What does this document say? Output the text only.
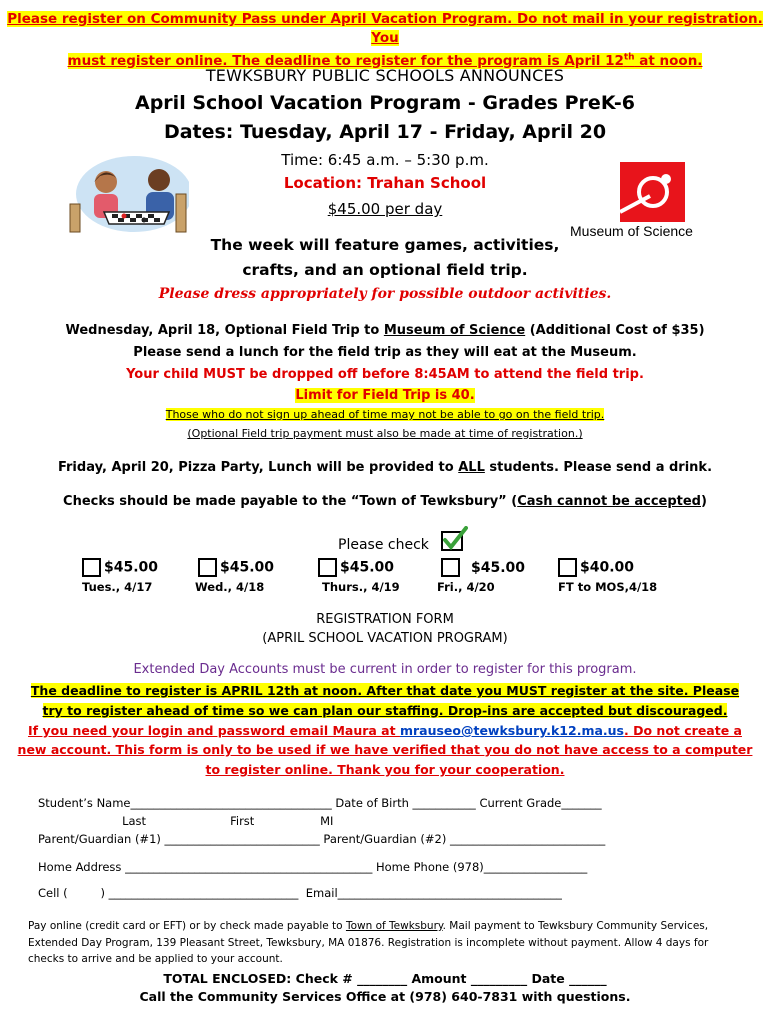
Please register on Community Pass under April Vacation Program. Do not mail in your registration. You
must register online. The deadline to register for the program is April 12th at noon.
TEWKSBURY PUBLIC SCHOOLS ANNOUNCES
April School Vacation Program - Grades PreK-6
Dates: Tuesday, April 17 - Friday, April 20
Time: 6:45 a.m. – 5:30 p.m.
Location: Trahan School
$45.00 per day
Museum of Science
The week will feature games, activities,
crafts, and an optional field trip.
Please dress appropriately for possible outdoor activities.
Wednesday, April 18, Optional Field Trip to Museum of Science (Additional Cost of $35)
Please send a lunch for the field trip as they will eat at the Museum.
Your child MUST be dropped off before 8:45AM to attend the field trip.
Limit for Field Trip is 40.
Those who do not sign up ahead of time may not be able to go on the field trip.
(Optional Field trip payment must also be made at time of registration.)
Friday, April 20, Pizza Party, Lunch will be provided to ALL students. Please send a drink.
Checks should be made payable to the “Town of Tewksbury” (Cash cannot be accepted)
Please check
$45.00
Tues., 4/17
$45.00
Wed., 4/18
$45.00
Thurs., 4/19
$45.00
Fri., 4/20
$40.00
FT to MOS,4/18
REGISTRATION FORM
(APRIL SCHOOL VACATION PROGRAM)
Extended Day Accounts must be current in order to register for this program.
The deadline to register is APRIL 12th at noon. After that date you MUST register at the site. Please
try to register ahead of time so we can plan our staffing. Drop-ins are accepted but discouraged.
If you need your login and password email Maura at mrauseo@tewksbury.k12.ma.us. Do not create a
new account. This form is only to be used if we have verified that you do not have access to a computer
to register online. Thank you for your cooperation.
Student’s Name___________________________________ Date of Birth ___________ Current Grade_______
Last                       First                  MI
Parent/Guardian (#1) ___________________________ Parent/Guardian (#2) ___________________________
Home Address ___________________________________________ Home Phone (978)__________________
Cell (         ) _________________________________  Email_______________________________________
Pay online (credit card or EFT) or by check made payable to Town of Tewksbury. Mail payment to Tewksbury Community Services, Extended Day Program, 139 Pleasant Street, Tewksbury, MA 01876. Registration is incomplete without payment. Allow 4 days for checks to arrive and be applied to your account.
TOTAL ENCLOSED: Check # ________ Amount _________ Date ______
Call the Community Services Office at (978) 640-7831 with questions.
